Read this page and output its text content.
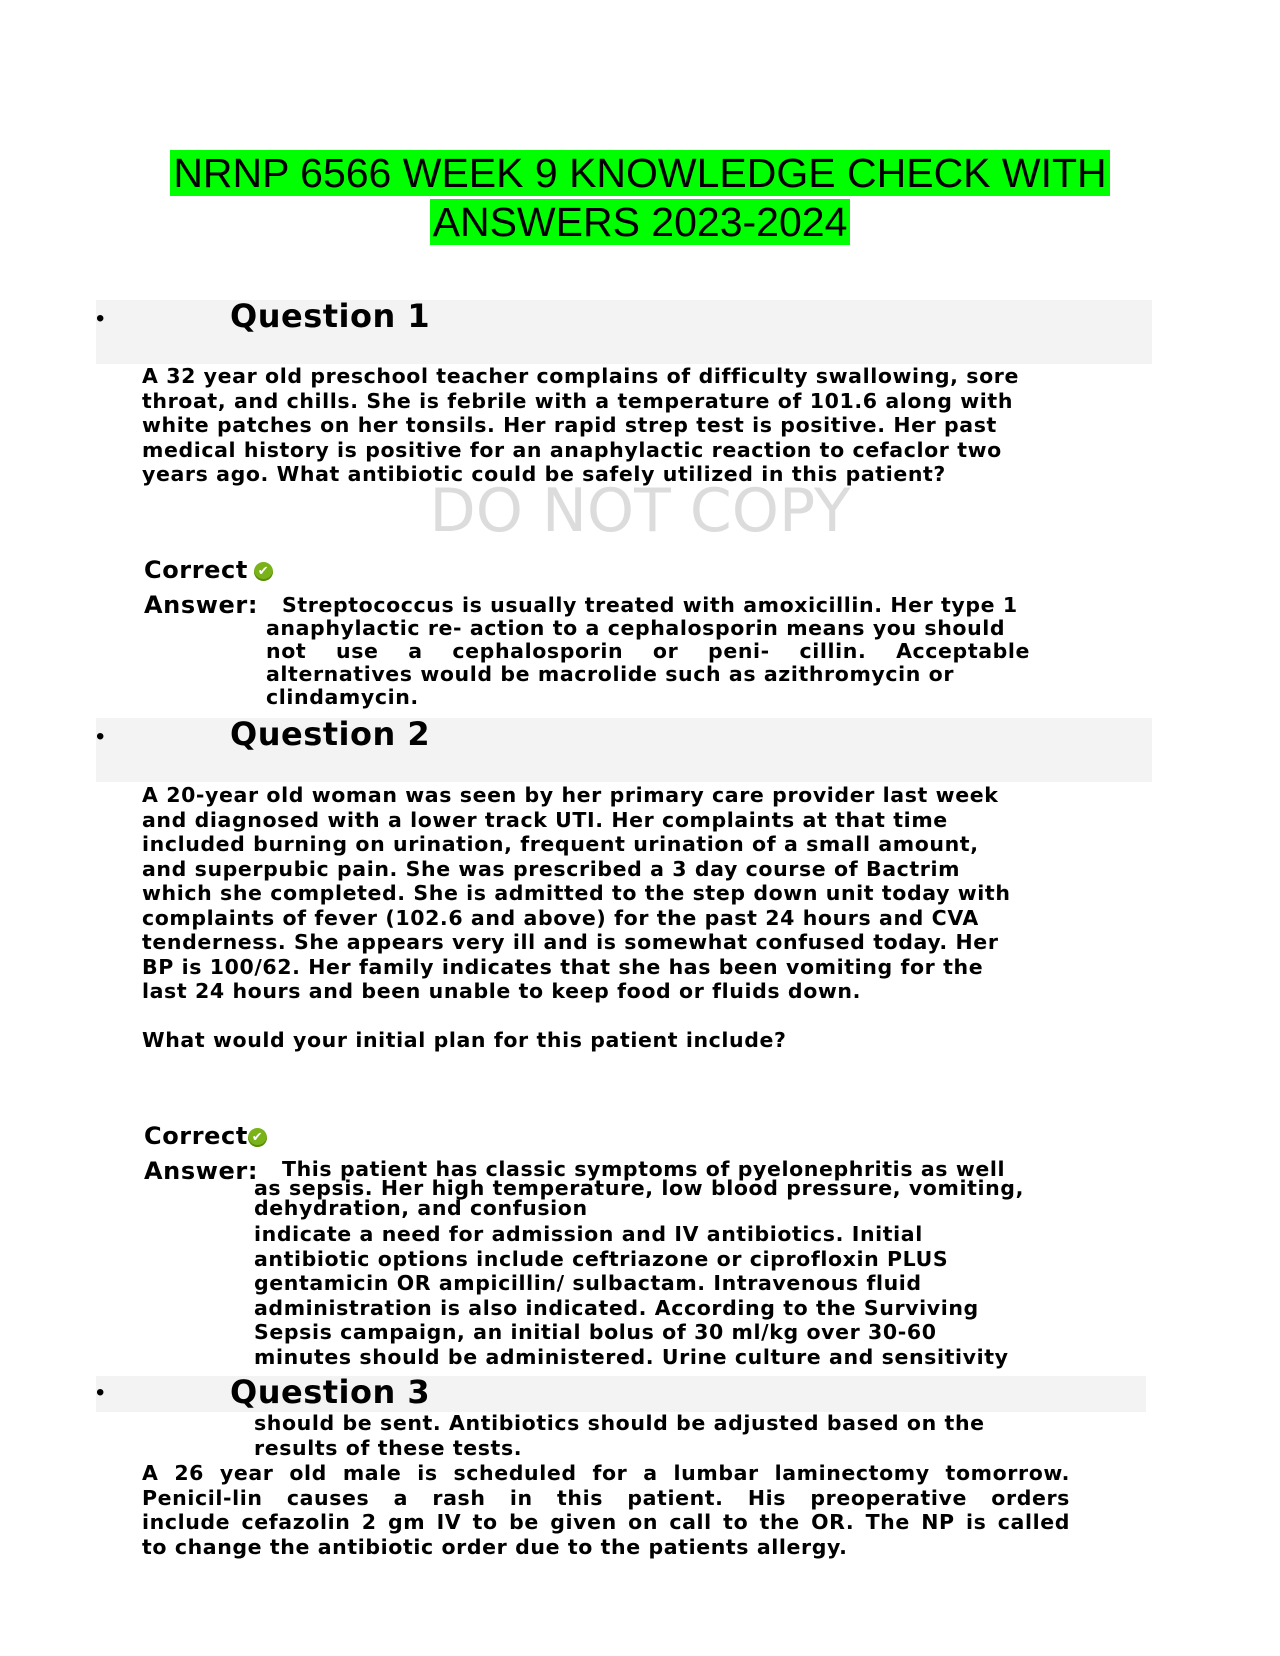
NRNP 6566 WEEK 9 KNOWLEDGE CHECK WITH
ANSWERS 2023-2024
•	Question 1

A 32 year old preschool teacher complains of difficulty swallowing, sore

throat, and chills. She is febrile with a temperature of 101.6 along with

white patches on her tonsils. Her rapid strep test is positive. Her past

medical history is positive for an anaphylactic reaction to cefaclor two

years ago. What antibiotic could be safely utilized in this patient?

DO NOT COPY
Correct ✔
Answer: Streptococcus is usually treated with amoxicillin. Her type 1

anaphylactic re- action to a cephalosporin means you should

not use a cephalosporin or peni- cillin. Acceptable

alternatives would be macrolide such as azithromycin or

clindamycin.

•	Question 2

A 20-year old woman was seen by her primary care provider last week

and diagnosed with a lower track UTI. Her complaints at that time

included burning on urination, frequent urination of a small amount,

and superpubic pain. She was prescribed a 3 day course of Bactrim

which she completed. She is admitted to the step down unit today with

complaints of fever (102.6 and above) for the past 24 hours and CVA

tenderness. She appears very ill and is somewhat confused today. Her

BP is 100/62. Her family indicates that she has been vomiting for the

last 24 hours and been unable to keep food or fluids down.

What would your initial plan for this patient include?

Correct ✔
Answer: This patient has classic symptoms of pyelonephritis as well

as sepsis. Her high temperature, low blood pressure, vomiting,

dehydration, and confusion

indicate a need for admission and IV antibiotics. Initial

antibiotic options include ceftriazone or ciprofloxin PLUS

gentamicin OR ampicillin/ sulbactam. Intravenous fluid

administration is also indicated. According to the Surviving

Sepsis campaign, an initial bolus of 30 ml/kg over 30-60

minutes should be administered. Urine culture and sensitivity

•	Question 3

should be sent. Antibiotics should be adjusted based on the

results of these tests.

A 26 year old male is scheduled for a lumbar laminectomy tomorrow.

Penicil-lin causes a rash in this patient. His preoperative orders

include cefazolin 2 gm IV to be given on call to the OR. The NP is called

to change the antibiotic order due to the patients allergy.
